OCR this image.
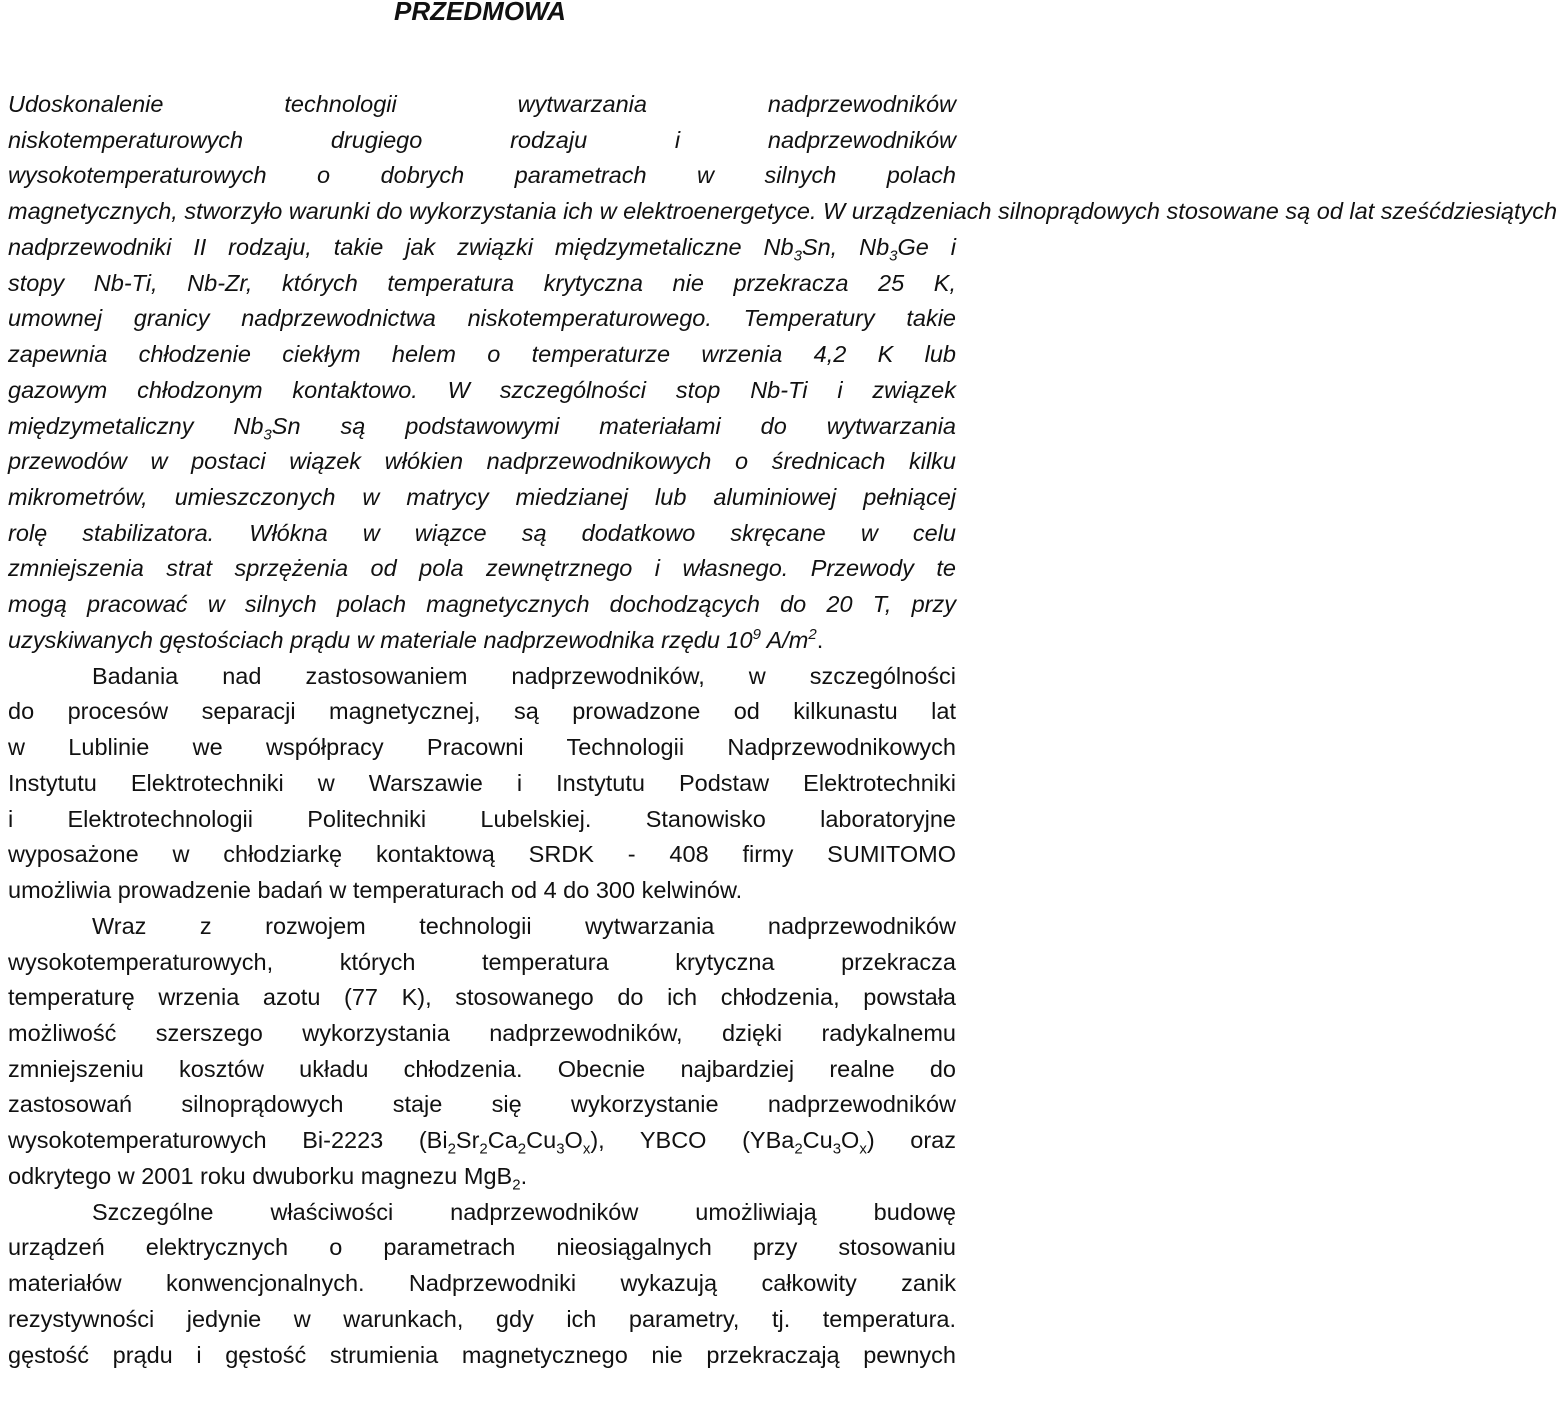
PRZEDMOWA
Udoskonalenie technologii wytwarzania nadprzewodników
niskotemperaturowych drugiego rodzaju i nadprzewodników
wysokotemperaturowych o dobrych parametrach w silnych polach
magnetycznych, stworzyło warunki do wykorzystania ich w elektroenergetyce. W urządzeniach silnoprądowych stosowane są od lat sześćdziesiątych
nadprzewodniki II rodzaju, takie jak związki międzymetaliczne $Nb_3Sn$, $Nb_3Ge$ i
stopy Nb-Ti, Nb-Zr, których temperatura krytyczna nie przekracza 25 K,
umownej granicy nadprzewodnictwa niskotemperaturowego. Temperatury takie
zapewnia chłodzenie ciekłym helem o temperaturze wrzenia 4,2 K lub
gazowym chłodzonym kontaktowo. W szczególności stop Nb-Ti i związek
międzymetaliczny $Nb_3Sn$ są podstawowymi materiałami do wytwarzania
przewodów w postaci wiązek włókien nadprzewodnikowych o średnicach kilku
mikrometrów, umieszczonych w matrycy miedzianej lub aluminiowej pełniącej
rolę stabilizatora. Włókna w wiązce są dodatkowo skręcane w celu
zmniejszenia strat sprzężenia od pola zewnętrznego i własnego. Przewody te
mogą pracować w silnych polach magnetycznych dochodzących do 20 T, przy
uzyskiwanych gęstościach prądu w materiale nadprzewodnika rzędu $10^9$ $A/m^2$.
Badania nad zastosowaniem nadprzewodników, w szczególności
do procesów separacji magnetycznej, są prowadzone od kilkunastu lat
w Lublinie we współpracy Pracowni Technologii Nadprzewodnikowych
Instytutu Elektrotechniki w Warszawie i Instytutu Podstaw Elektrotechniki
i Elektrotechnologii Politechniki Lubelskiej. Stanowisko laboratoryjne
wyposażone w chłodziarkę kontaktową SRDK - 408 firmy SUMITOMO
umożliwia prowadzenie badań w temperaturach od 4 do 300 kelwinów.
Wraz z rozwojem technologii wytwarzania nadprzewodników
wysokotemperaturowych, których temperatura krytyczna przekracza
temperaturę wrzenia azotu (77 K), stosowanego do ich chłodzenia, powstała
możliwość szerszego wykorzystania nadprzewodników, dzięki radykalnemu
zmniejszeniu kosztów układu chłodzenia. Obecnie najbardziej realne do
zastosowań silnoprądowych staje się wykorzystanie nadprzewodników
wysokotemperaturowych Bi-2223 $(Bi_2Sr_2Ca_2Cu_3O_x)$, YBCO $(YBa_2Cu_3O_x)$ oraz
odkrytego w 2001 roku dwuborku magnezu MgB$_2$.
Szczególne właściwości nadprzewodników umożliwiają budowę
urządzeń elektrycznych o parametrach nieosiągalnych przy stosowaniu
materiałów konwencjonalnych. Nadprzewodniki wykazują całkowity zanik
rezystywności jedynie w warunkach, gdy ich parametry, tj. temperatura.
gęstość prądu i gęstość strumienia magnetycznego nie przekraczają pewnych
